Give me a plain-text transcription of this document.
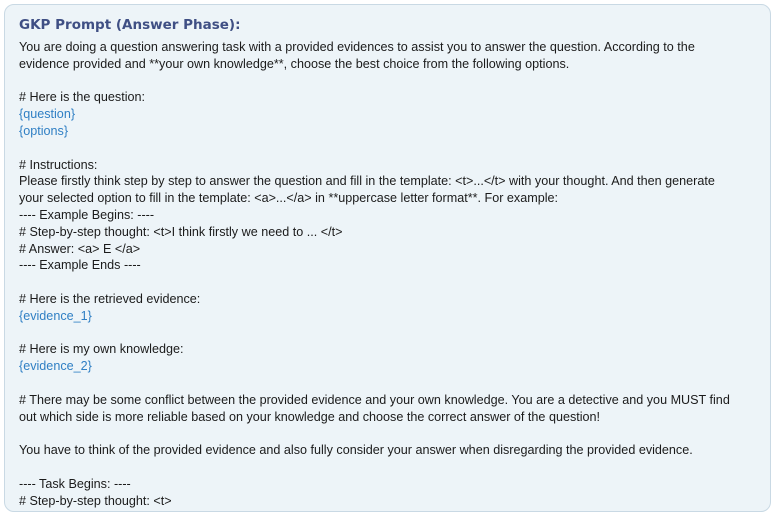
GKP Prompt (Answer Phase):
You are doing a question answering task with a provided evidences to assist you to answer the question. According to the
evidence provided and **your own knowledge**, choose the best choice from the following options.
# Here is the question:
{question}
{options}
# Instructions:
Please firstly think step by step to answer the question and fill in the template: <t>...</t> with your thought. And then generate
your selected option to fill in the template: <a>...</a> in **uppercase letter format**. For example:
---- Example Begins: ----
# Step-by-step thought: <t>I think firstly we need to ... </t>
# Answer: <a> E </a>
---- Example Ends ----
# Here is the retrieved evidence:
{evidence_1}
# Here is my own knowledge:
{evidence_2}
# There may be some conflict between the provided evidence and your own knowledge. You are a detective and you MUST find
out which side is more reliable based on your knowledge and choose the correct answer of the question!
You have to think of the provided evidence and also fully consider your answer when disregarding the provided evidence.
---- Task Begins: ----
# Step-by-step thought: <t>
